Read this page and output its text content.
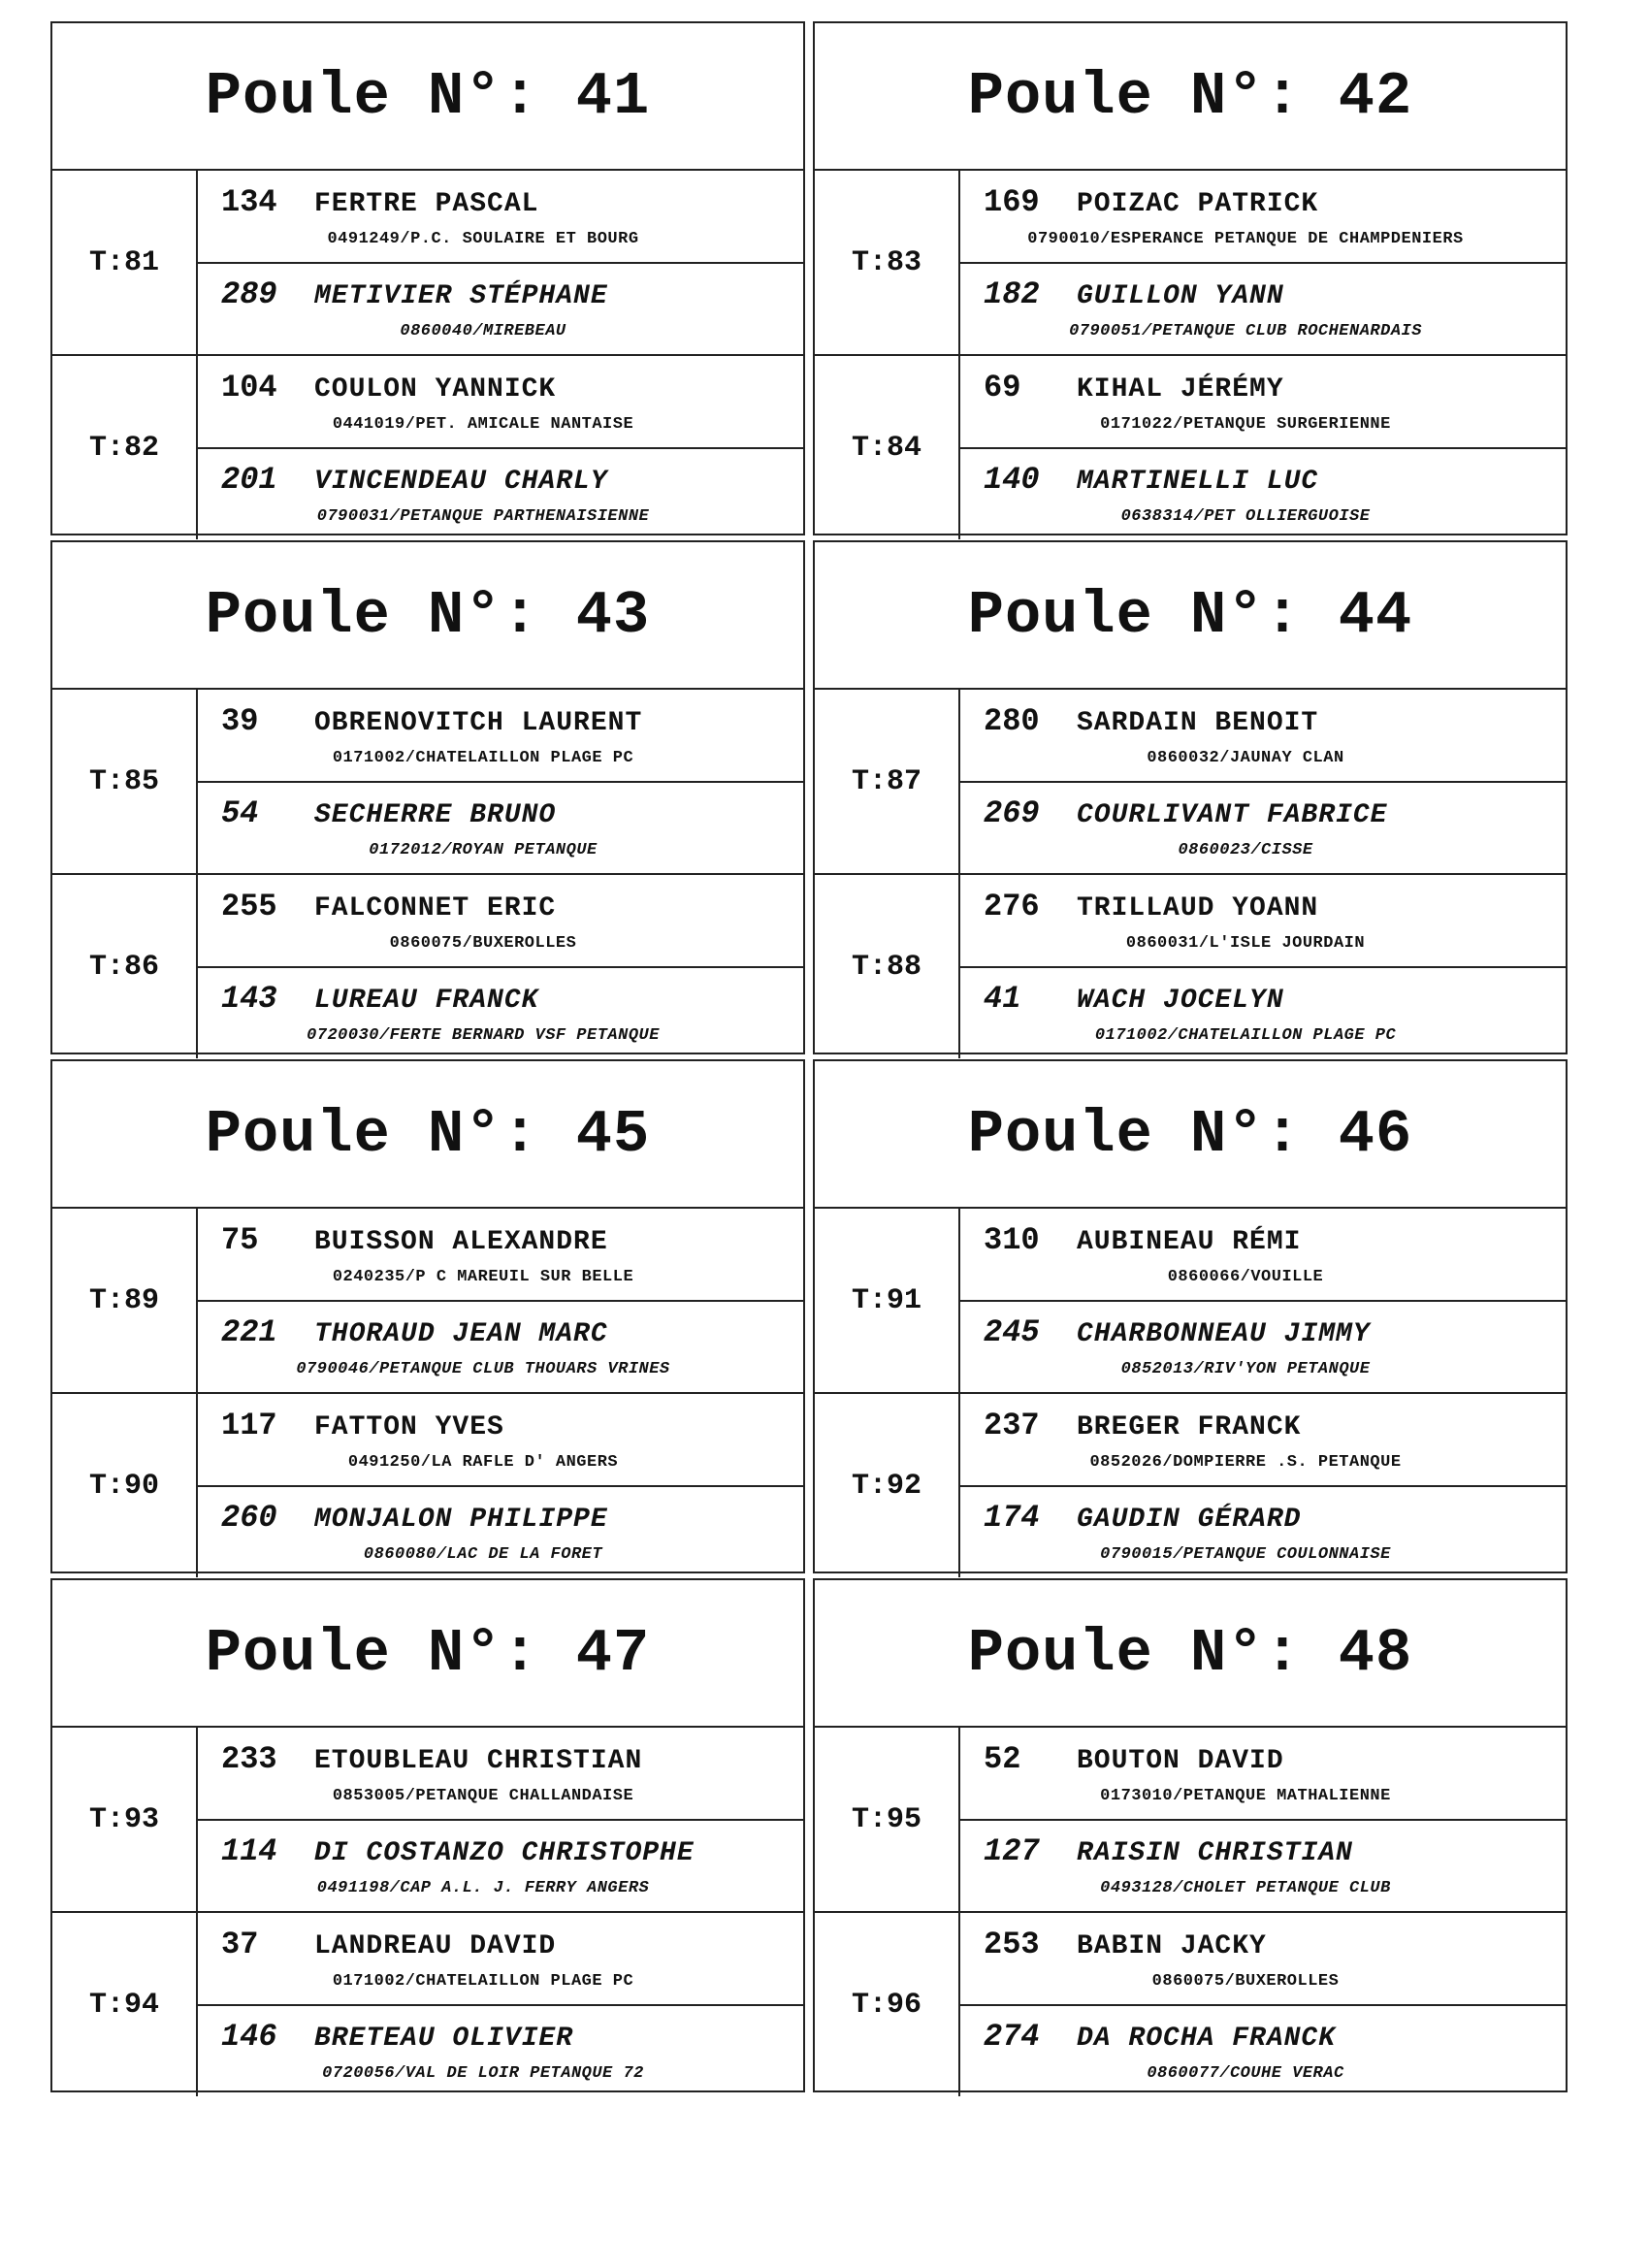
Poule N°: 41
T:81
134	FERTRE PASCAL
0491249/P.C. SOULAIRE ET BOURG
289	METIVIER STÉPHANE
0860040/MIREBEAU
T:82
104	COULON YANNICK
0441019/PET. AMICALE NANTAISE
201	VINCENDEAU CHARLY
0790031/PETANQUE PARTHENAISIENNE
Poule N°: 42
T:83
169	POIZAC PATRICK
0790010/ESPERANCE PETANQUE DE CHAMPDENIERS
182	GUILLON YANN
0790051/PETANQUE CLUB ROCHENARDAIS
T:84
69	KIHAL JÉRÉMY
0171022/PETANQUE SURGERIENNE
140	MARTINELLI LUC
0638314/PET OLLIERGUOISE
Poule N°: 43
T:85
39	OBRENOVITCH LAURENT
0171002/CHATELAILLON PLAGE PC
54	SECHERRE BRUNO
0172012/ROYAN PETANQUE
T:86
255	FALCONNET ERIC
0860075/BUXEROLLES
143	LUREAU FRANCK
0720030/FERTE BERNARD VSF PETANQUE
Poule N°: 44
T:87
280	SARDAIN BENOIT
0860032/JAUNAY CLAN
269	COURLIVANT FABRICE
0860023/CISSE
T:88
276	TRILLAUD YOANN
0860031/L'ISLE JOURDAIN
41	WACH JOCELYN
0171002/CHATELAILLON PLAGE PC
Poule N°: 45
T:89
75	BUISSON ALEXANDRE
0240235/P C MAREUIL SUR BELLE
221	THORAUD JEAN MARC
0790046/PETANQUE CLUB THOUARS VRINES
T:90
117	FATTON YVES
0491250/LA RAFLE D' ANGERS
260	MONJALON PHILIPPE
0860080/LAC DE LA FORET
Poule N°: 46
T:91
310	AUBINEAU RÉMI
0860066/VOUILLE
245	CHARBONNEAU JIMMY
0852013/RIV'YON PETANQUE
T:92
237	BREGER FRANCK
0852026/DOMPIERRE .S. PETANQUE
174	GAUDIN GÉRARD
0790015/PETANQUE COULONNAISE
Poule N°: 47
T:93
233	ETOUBLEAU CHRISTIAN
0853005/PETANQUE CHALLANDAISE
114	DI COSTANZO CHRISTOPHE
0491198/CAP A.L. J. FERRY ANGERS
T:94
37	LANDREAU DAVID
0171002/CHATELAILLON PLAGE PC
146	BRETEAU OLIVIER
0720056/VAL DE LOIR PETANQUE 72
Poule N°: 48
T:95
52	BOUTON DAVID
0173010/PETANQUE MATHALIENNE
127	RAISIN CHRISTIAN
0493128/CHOLET PETANQUE CLUB
T:96
253	BABIN JACKY
0860075/BUXEROLLES
274	DA ROCHA FRANCK
0860077/COUHE VERAC
